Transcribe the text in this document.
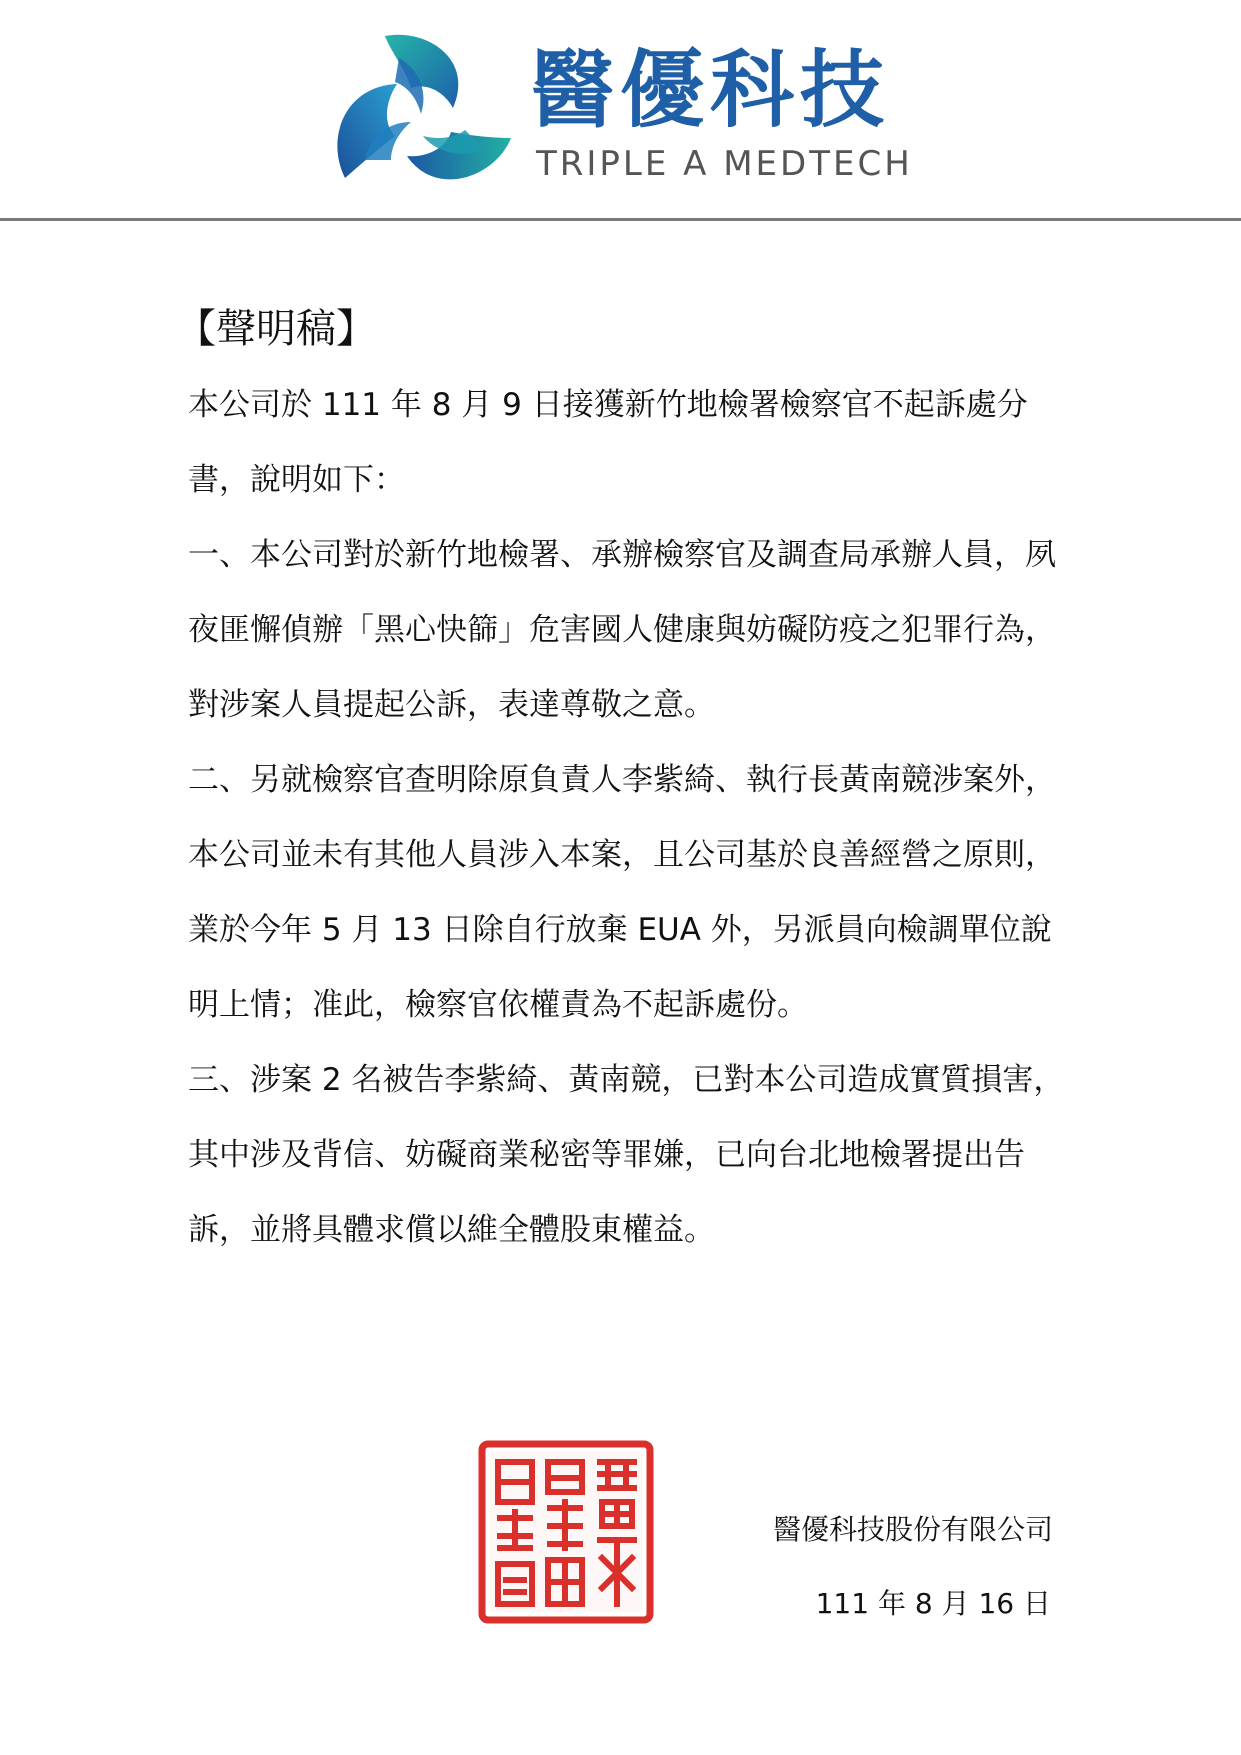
醫優科技
TRIPLE A MEDTECH
【聲明稿】

本公司於 111 年 8 月 9 日接獲新竹地檢署檢察官不起訴處分書，說明如下：

一、本公司對於新竹地檢署、承辦檢察官及調查局承辦人員，夙夜匪懈偵辦「黑心快篩」危害國人健康與妨礙防疫之犯罪行為，對涉案人員提起公訴，表達尊敬之意。

二、另就檢察官查明除原負責人李紫綺、執行長黃南競涉案外，本公司並未有其他人員涉入本案，且公司基於良善經營之原則，業於今年 5 月 13 日除自行放棄 EUA 外，另派員向檢調單位說明上情；准此，檢察官依權責為不起訴處份。

三、涉案 2 名被告李紫綺、黃南競，已對本公司造成實質損害，其中涉及背信、妨礙商業秘密等罪嫌，已向台北地檢署提出告訴，並將具體求償以維全體股東權益。

醫優科技股份有限公司
111 年 8 月 16 日
